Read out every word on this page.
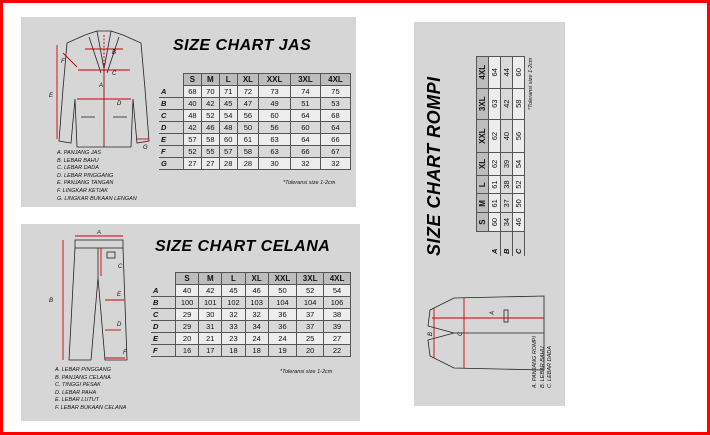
SIZE CHART JAS
B
C
A
D
E
F
G
A. PANJANG JAS
B. LEBAR BAHU
C. LEBAR DADA
D. LEBAR PINGGANG
E. PANJANG TANGAN
F. LINGKAR KETIAK
G. LINGKAR BUKAAN LENGAN
	S	M	L	XL	XXL	3XL	4XL
A	68	70	71	72	73	74	75
B	40	42	45	47	49	51	53
C	48	52	54	56	60	64	68
D	42	46	48	50	56	60	64
E	57	58	60	61	63	64	66
F	52	55	57	58	63	66	67
G	27	27	28	28	30	32	32
*Toleransi size 1-2cm
SIZE CHART CELANA
A
B
C
E
D
F
A. LEBAR PINGGANG
B. PANJANG CELANA
C. TINGGI PESAK
D. LEBAR PAHA
E. LEBAR LUTUT
F. LEBAR BUKAAN CELANA
	S	M	L	XL	XXL	3XL	4XL
A	40	42	45	46	50	52	54
B	100	101	102	103	104	104	106
C	29	30	32	32	36	37	38
D	29	31	33	34	36	37	39
E	20	21	23	24	24	25	27
F	16	17	18	18	19	20	22
*Toleransi size 1-2cm
SIZE CHART ROMPI
		S	M	L	XL	XXL	3XL	4XL
A	60	61	61	62	62	63	64
B	34	37	38	39	40	42	44
C	46	50	52	54	56	58	60 *Toleransi size 1-2cm
B	C
A
A. PANJANG ROMPI B. LEBAR BAHU C. LEBAR DADA
